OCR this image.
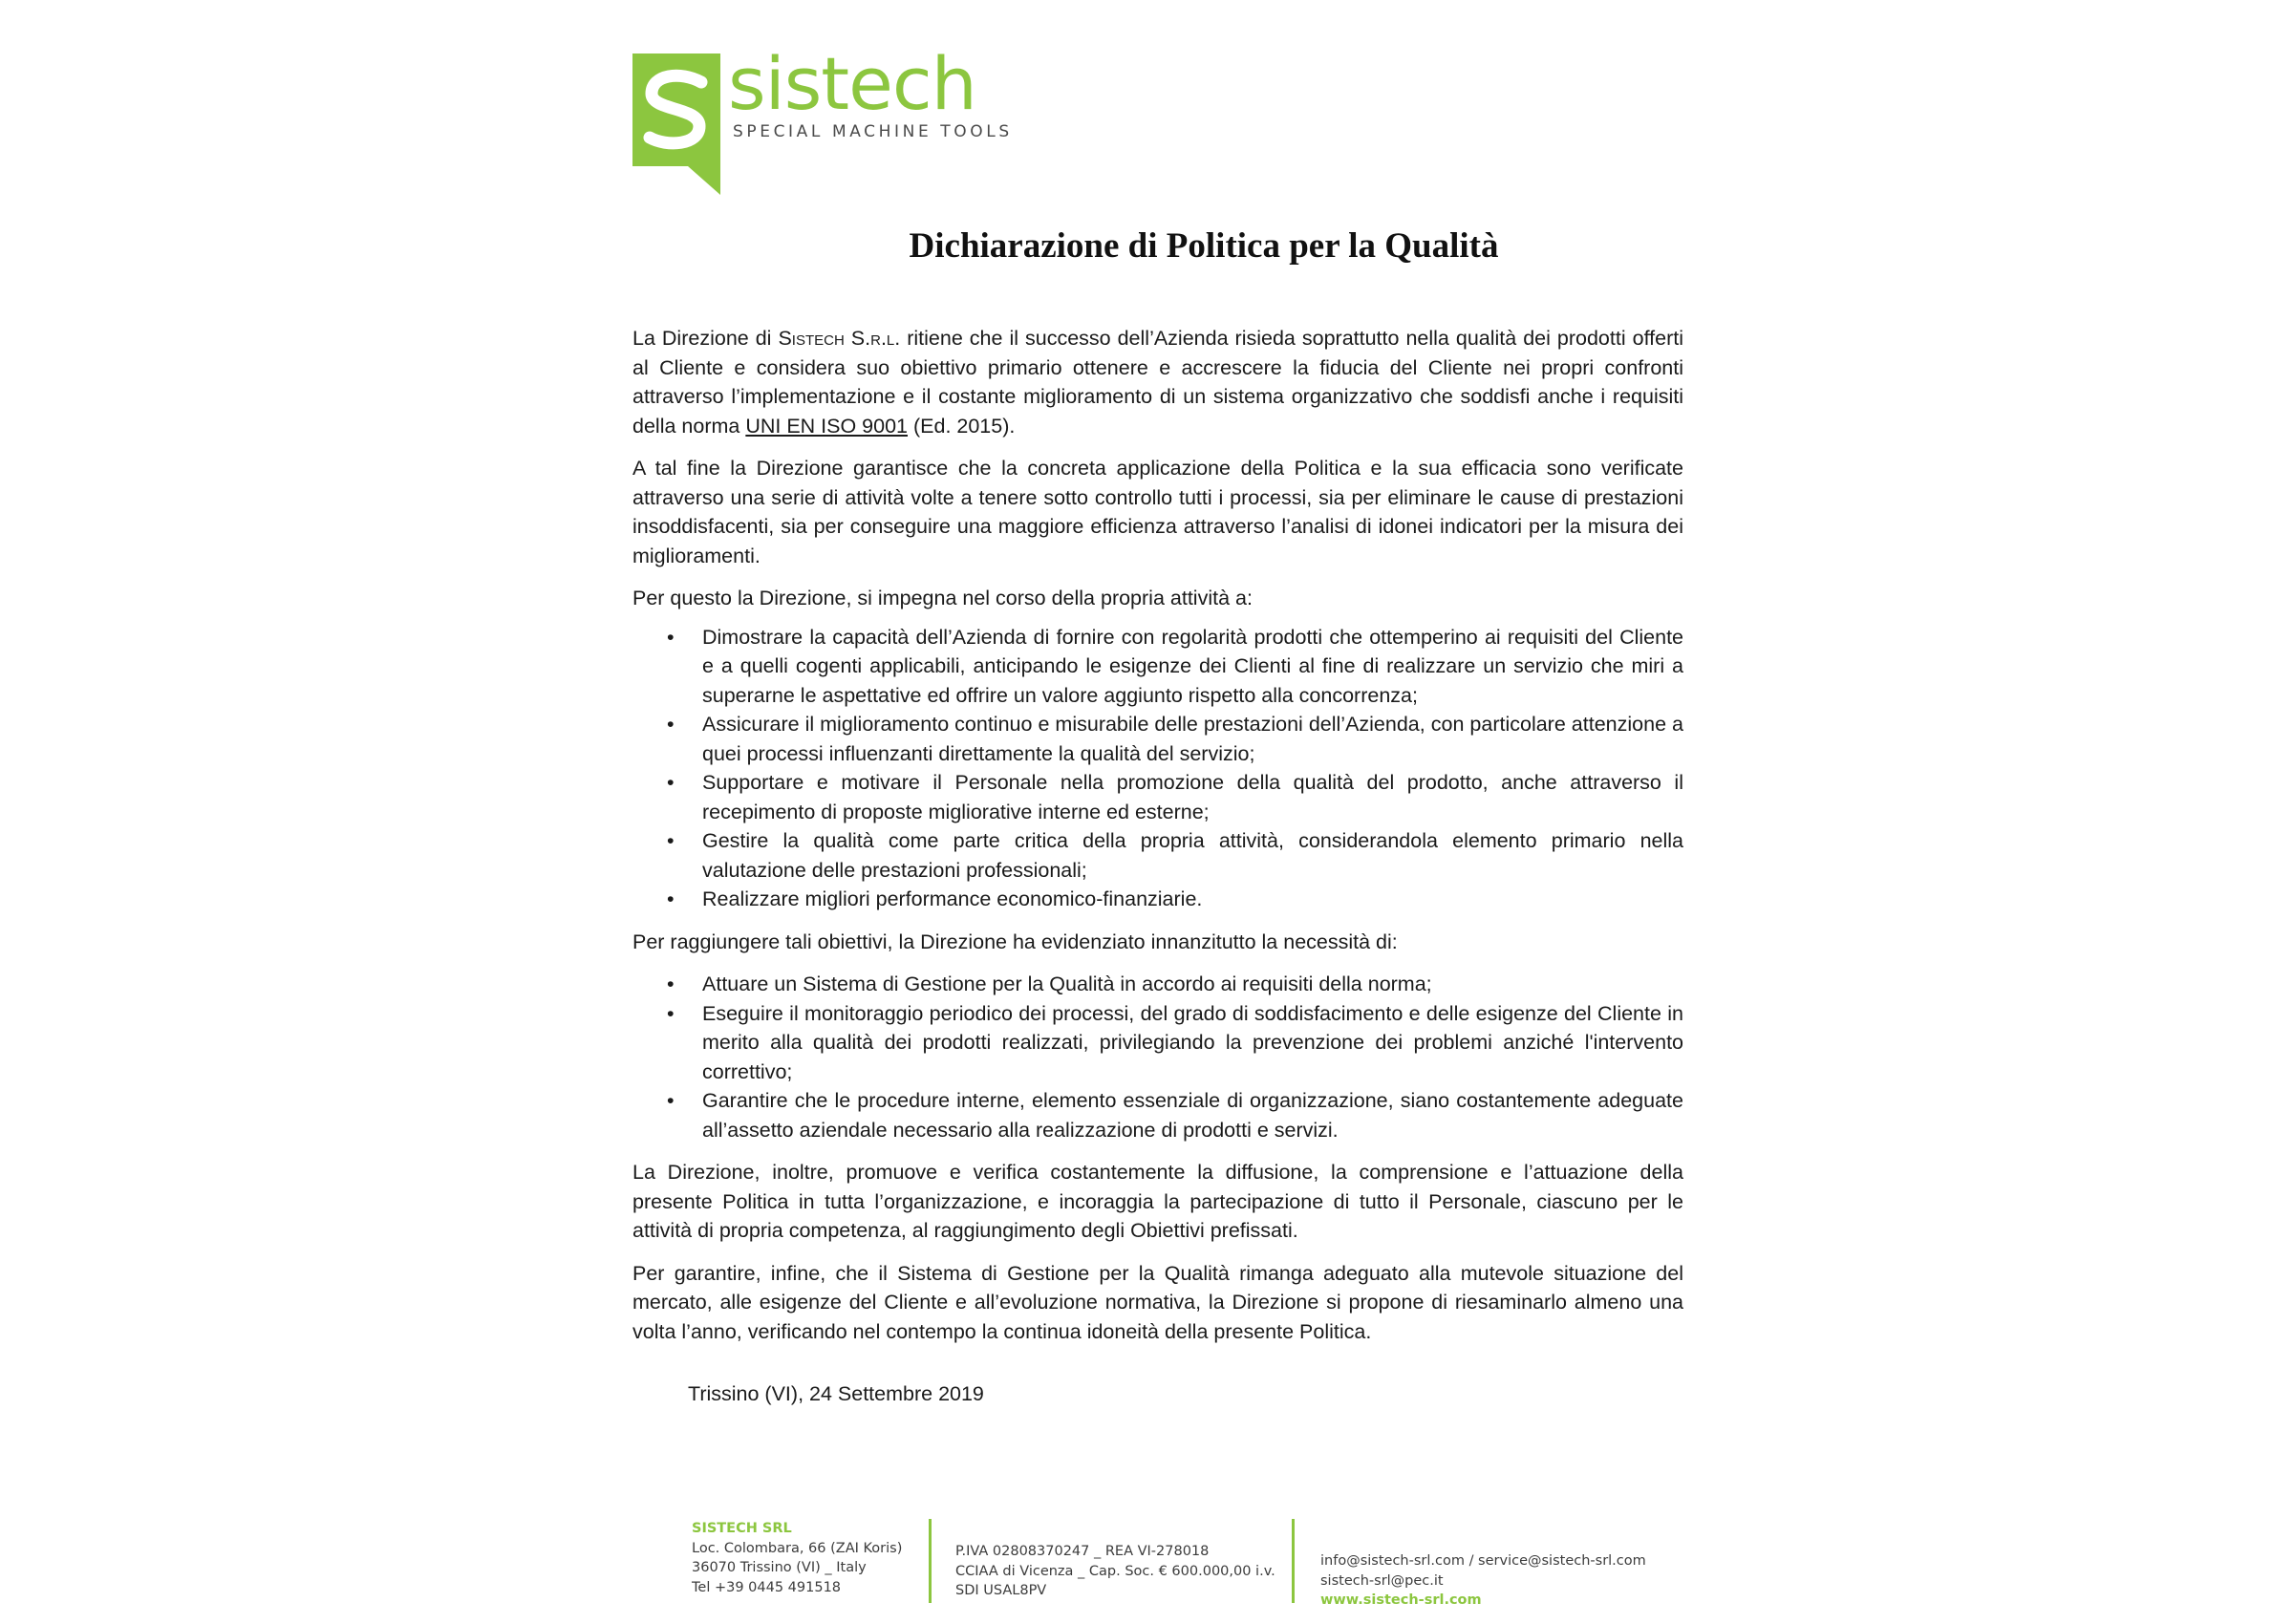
sistech
SPECIAL MACHINE TOOLS
Dichiarazione di Politica per la Qualità

La Direzione di Sistech S.r.l. ritiene che il successo dell’Azienda risieda soprattutto nella qualità dei prodotti offerti al Cliente e considera suo obiettivo primario ottenere e accrescere la fiducia del Cliente nei propri confronti attraverso l’implementazione e il costante miglioramento di un sistema organizzativo che soddisfi anche i requisiti della norma UNI EN ISO 9001 (Ed. 2015).

A tal fine la Direzione garantisce che la concreta applicazione della Politica e la sua efficacia sono verificate attraverso una serie di attività volte a tenere sotto controllo tutti i processi, sia per eliminare le cause di prestazioni insoddisfacenti, sia per conseguire una maggiore efficienza attraverso l’analisi di idonei indicatori per la misura dei miglioramenti.

Per questo la Direzione, si impegna nel corso della propria attività a:

• Dimostrare la capacità dell’Azienda di fornire con regolarità prodotti che ottemperino ai requisiti del Cliente e a quelli cogenti applicabili, anticipando le esigenze dei Clienti al fine di realizzare un servizio che miri a superarne le aspettative ed offrire un valore aggiunto rispetto alla concorrenza;
• Assicurare il miglioramento continuo e misurabile delle prestazioni dell’Azienda, con particolare attenzione a quei processi influenzanti direttamente la qualità del servizio;
• Supportare e motivare il Personale nella promozione della qualità del prodotto, anche attraverso il recepimento di proposte migliorative interne ed esterne;
• Gestire la qualità come parte critica della propria attività, considerandola elemento primario nella valutazione delle prestazioni professionali;
• Realizzare migliori performance economico-finanziarie.

Per raggiungere tali obiettivi, la Direzione ha evidenziato innanzitutto la necessità di:

• Attuare un Sistema di Gestione per la Qualità in accordo ai requisiti della norma;
• Eseguire il monitoraggio periodico dei processi, del grado di soddisfacimento e delle esigenze del Cliente in merito alla qualità dei prodotti realizzati, privilegiando la prevenzione dei problemi anziché l'intervento correttivo;
• Garantire che le procedure interne, elemento essenziale di organizzazione, siano costantemente adeguate all’assetto aziendale necessario alla realizzazione di prodotti e servizi.

La Direzione, inoltre, promuove e verifica costantemente la diffusione, la comprensione e l’attuazione della presente Politica in tutta l’organizzazione, e incoraggia la partecipazione di tutto il Personale, ciascuno per le attività di propria competenza, al raggiungimento degli Obiettivi prefissati.

Per garantire, infine, che il Sistema di Gestione per la Qualità rimanga adeguato alla mutevole situazione del mercato, alle esigenze del Cliente e all’evoluzione normativa, la Direzione si propone di riesaminarlo almeno una volta l’anno, verificando nel contempo la continua idoneità della presente Politica.

Trissino (VI), 24 Settembre 2019
SISTECH SRL
Loc. Colombara, 66 (ZAI Koris)
36070 Trissino (VI) _ Italy
Tel +39 0445 491518
P.IVA 02808370247 _ REA VI-278018
CCIAA di Vicenza _ Cap. Soc. € 600.000,00 i.v.
SDI USAL8PV
info@sistech-srl.com / service@sistech-srl.com
sistech-srl@pec.it
www.sistech-srl.com
